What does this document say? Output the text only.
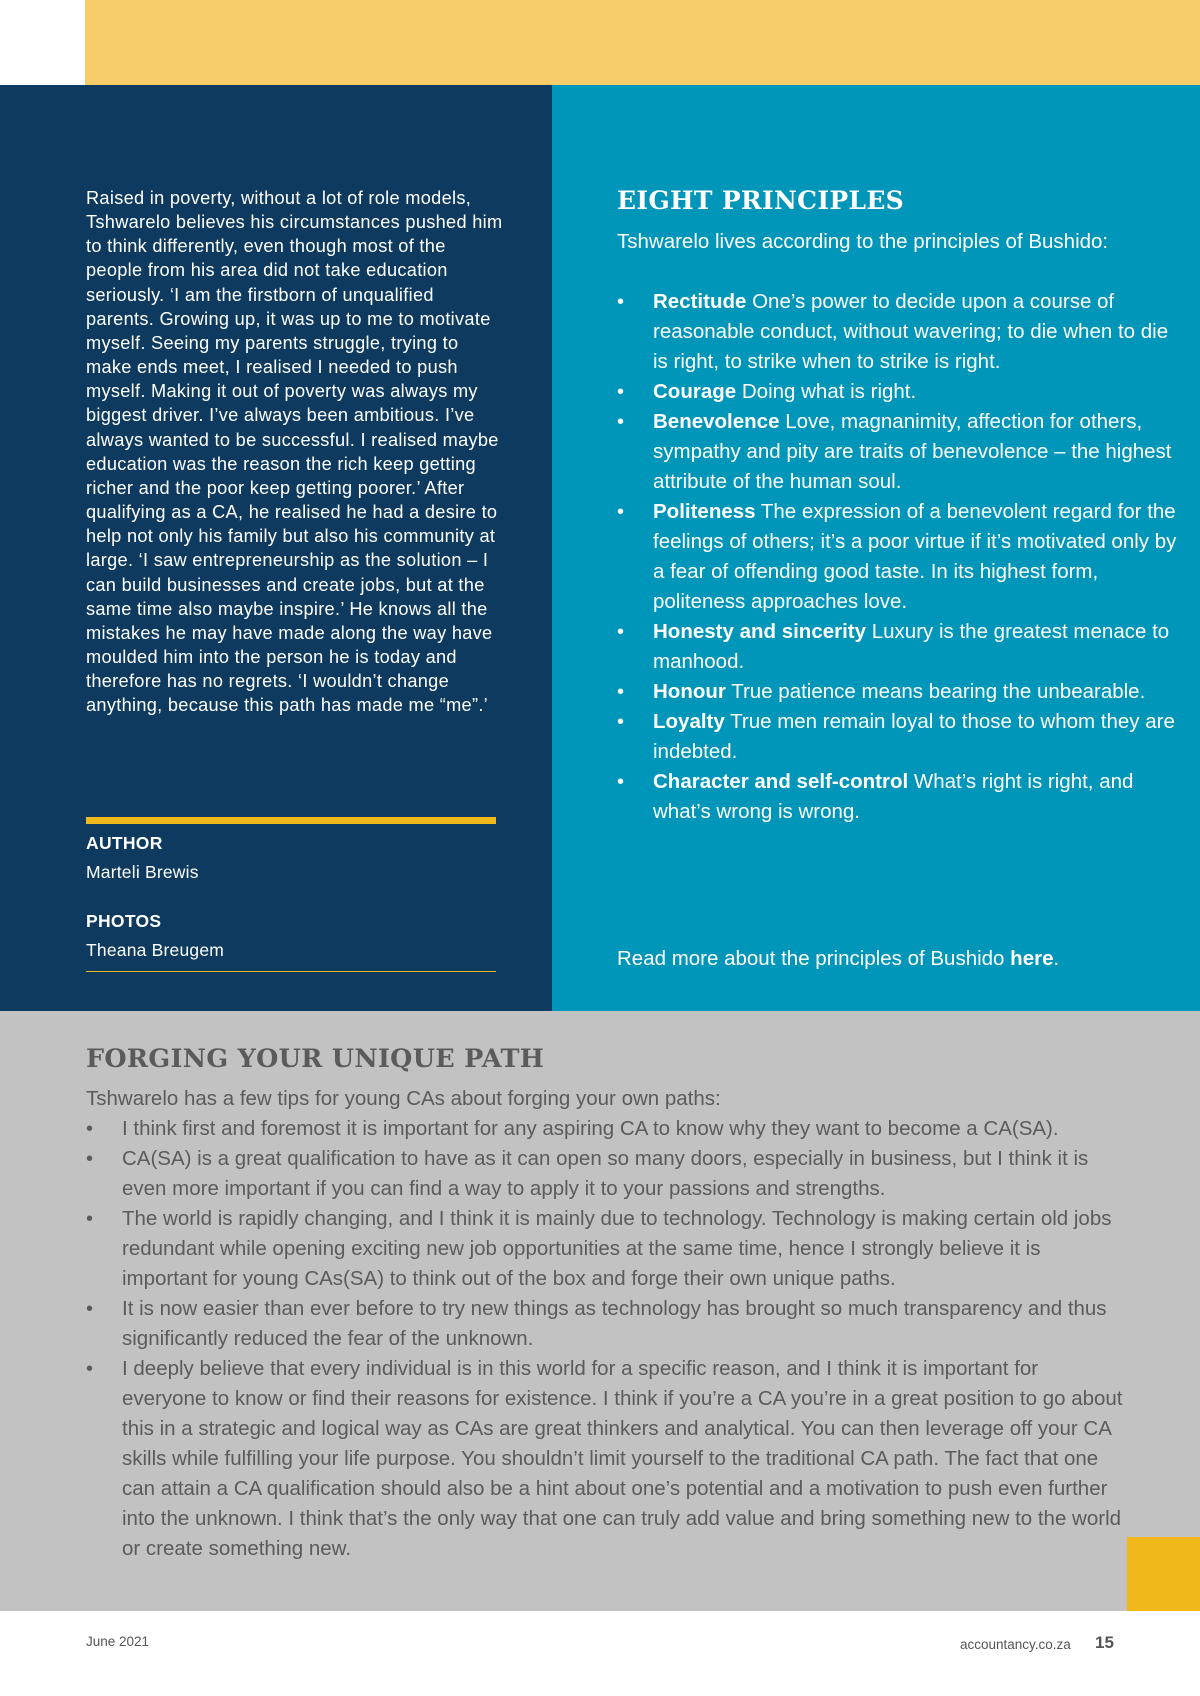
Raised in poverty, without a lot of role models, Tshwarelo believes his circumstances pushed him to think differently, even though most of the people from his area did not take education seriously. ‘I am the firstborn of unqualified parents. Growing up, it was up to me to motivate myself. Seeing my parents struggle, trying to make ends meet, I realised I needed to push myself. Making it out of poverty was always my biggest driver. I’ve always been ambitious. I’ve always wanted to be successful. I realised maybe education was the reason the rich keep getting richer and the poor keep getting poorer.’ After qualifying as a CA, he realised he had a desire to help not only his family but also his community at large. ‘I saw entrepreneurship as the solution – I can build businesses and create jobs, but at the same time also maybe inspire.’ He knows all the mistakes he may have made along the way have moulded him into the person he is today and therefore has no regrets. ‘I wouldn’t change anything, because this path has made me “me”.’

AUTHOR
Marteli Brewis
PHOTOS
Theana Breugem
EIGHT PRINCIPLES

Tshwarelo lives according to the principles of Bushido:

• Rectitude One’s power to decide upon a course of reasonable conduct, without wavering; to die when to die is right, to strike when to strike is right.
• Courage Doing what is right.
• Benevolence Love, magnanimity, affection for others, sympathy and pity are traits of benevolence – the highest attribute of the human soul.
• Politeness The expression of a benevolent regard for the feelings of others; it’s a poor virtue if it’s motivated only by a fear of offending good taste. In its highest form, politeness approaches love.
• Honesty and sincerity Luxury is the greatest menace to manhood.
• Honour True patience means bearing the unbearable.
• Loyalty True men remain loyal to those to whom they are indebted.
• Character and self-control What’s right is right, and what’s wrong is wrong.

Read more about the principles of Bushido here.

FORGING YOUR UNIQUE PATH

Tshwarelo has a few tips for young CAs about forging your own paths:

• I think first and foremost it is important for any aspiring CA to know why they want to become a CA(SA).
• CA(SA) is a great qualification to have as it can open so many doors, especially in business, but I think it is even more important if you can find a way to apply it to your passions and strengths.
• The world is rapidly changing, and I think it is mainly due to technology. Technology is making certain old jobs redundant while opening exciting new job opportunities at the same time, hence I strongly believe it is important for young CAs(SA) to think out of the box and forge their own unique paths.
• It is now easier than ever before to try new things as technology has brought so much transparency and thus significantly reduced the fear of the unknown.
• I deeply believe that every individual is in this world for a specific reason, and I think it is important for everyone to know or find their reasons for existence. I think if you’re a CA you’re in a great position to go about this in a strategic and logical way as CAs are great thinkers and analytical. You can then leverage off your CA skills while fulfilling your life purpose. You shouldn’t limit yourself to the traditional CA path. The fact that one can attain a CA qualification should also be a hint about one’s potential and a motivation to push even further into the unknown. I think that’s the only way that one can truly add value and bring something new to the world or create something new.
June 2021	accountancy.co.za 15
